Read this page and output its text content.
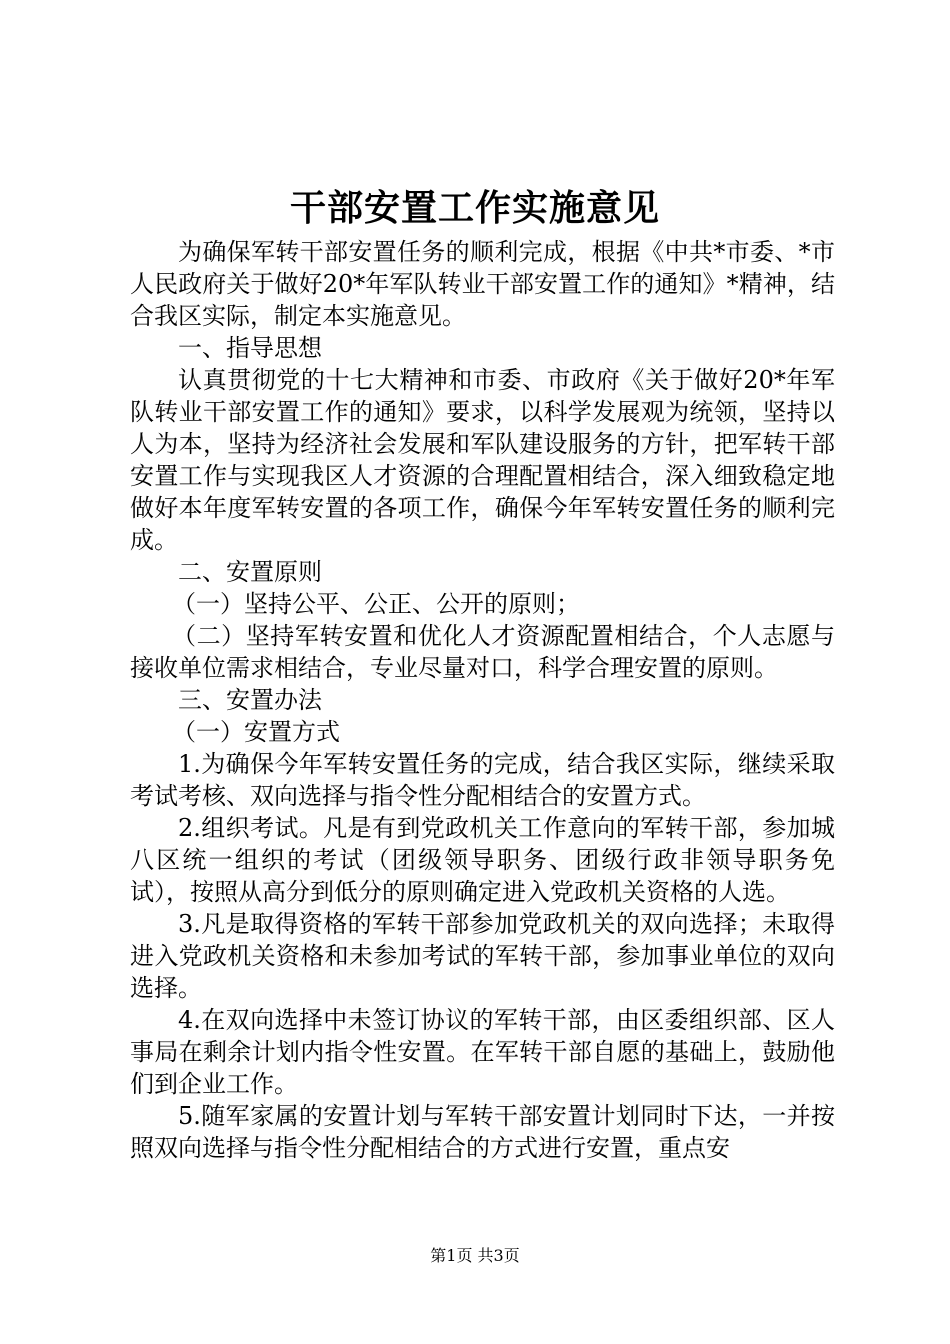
干部安置工作实施意见

为确保军转干部安置任务的顺利完成，根据《中共*市委、*市人民政府关于做好20*年军队转业干部安置工作的通知》*精神，结合我区实际，制定本实施意见。

一、指导思想

认真贯彻党的十七大精神和市委、市政府《关于做好20*年军队转业干部安置工作的通知》要求，以科学发展观为统领，坚持以人为本，坚持为经济社会发展和军队建设服务的方针，把军转干部安置工作与实现我区人才资源的合理配置相结合，深入细致稳定地做好本年度军转安置的各项工作，确保今年军转安置任务的顺利完成。

二、安置原则

（一）坚持公平、公正、公开的原则；

（二）坚持军转安置和优化人才资源配置相结合，个人志愿与接收单位需求相结合，专业尽量对口，科学合理安置的原则。

三、安置办法

（一）安置方式

1.为确保今年军转安置任务的完成，结合我区实际，继续采取考试考核、双向选择与指令性分配相结合的安置方式。

2.组织考试。凡是有到党政机关工作意向的军转干部，参加城八区统一组织的考试（团级领导职务、团级行政非领导职务免试），按照从高分到低分的原则确定进入党政机关资格的人选。

3.凡是取得资格的军转干部参加党政机关的双向选择；未取得进入党政机关资格和未参加考试的军转干部，参加事业单位的双向选择。

4.在双向选择中未签订协议的军转干部，由区委组织部、区人事局在剩余计划内指令性安置。在军转干部自愿的基础上，鼓励他们到企业工作。

5.随军家属的安置计划与军转干部安置计划同时下达，一并按照双向选择与指令性分配相结合的方式进行安置，重点安

第1页 共3页
